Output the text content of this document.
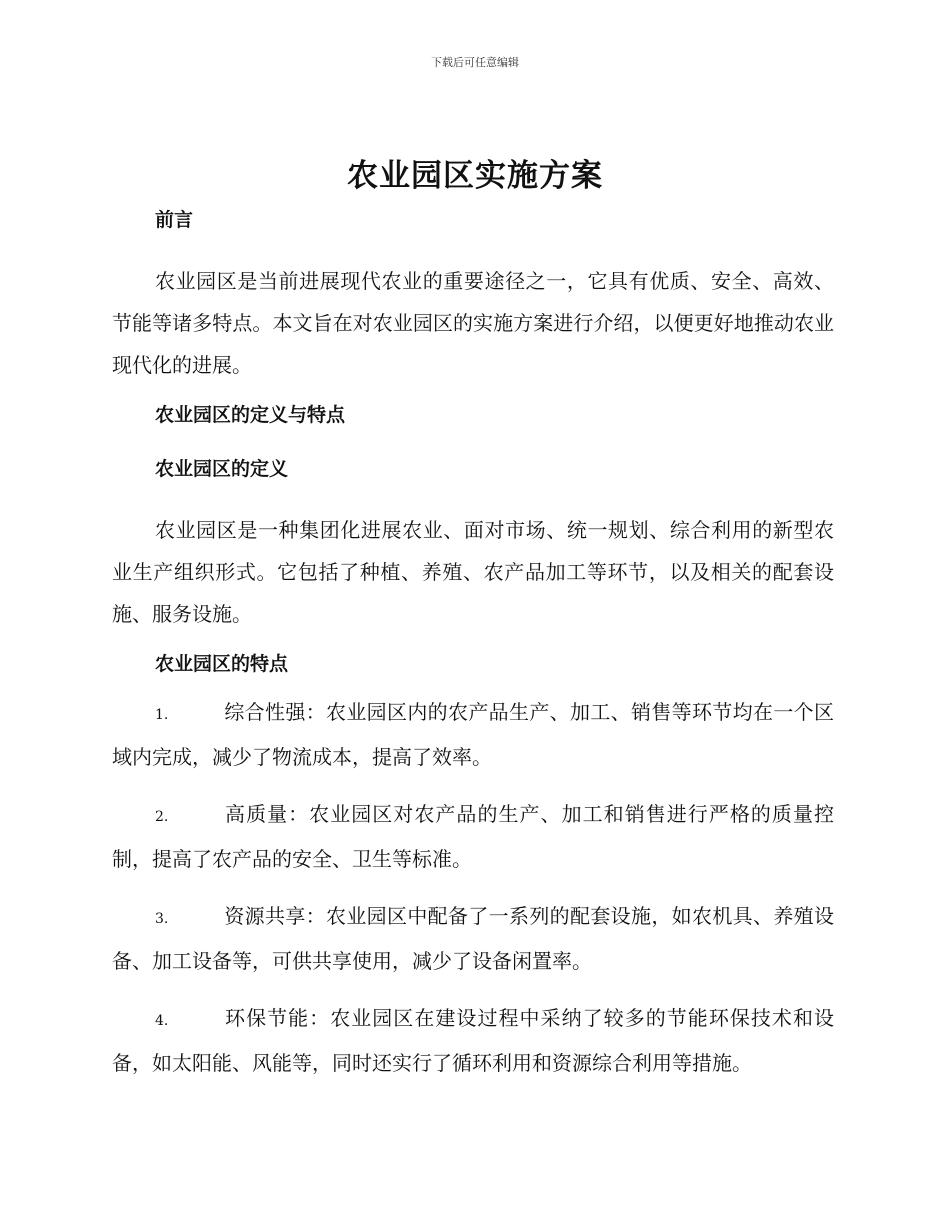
下载后可任意编辑
农业园区实施方案
前言

农业园区是当前进展现代农业的重要途径之一，它具有优质、安全、高效、节能等诸多特点。本文旨在对农业园区的实施方案进行介绍，以便更好地推动农业现代化的进展。

农业园区的定义与特点
农业园区的定义

农业园区是一种集团化进展农业、面对市场、统一规划、综合利用的新型农业生产组织形式。它包括了种植、养殖、农产品加工等环节，以及相关的配套设施、服务设施。

农业园区的特点

1.	综合性强：农业园区内的农产品生产、加工、销售等环节均在一个区域内完成，减少了物流成本，提高了效率。

2.	高质量：农业园区对农产品的生产、加工和销售进行严格的质量控制，提高了农产品的安全、卫生等标准。

3.	资源共享：农业园区中配备了一系列的配套设施，如农机具、养殖设备、加工设备等，可供共享使用，减少了设备闲置率。

4.	环保节能：农业园区在建设过程中采纳了较多的节能环保技术和设备，如太阳能、风能等，同时还实行了循环利用和资源综合利用等措施。
